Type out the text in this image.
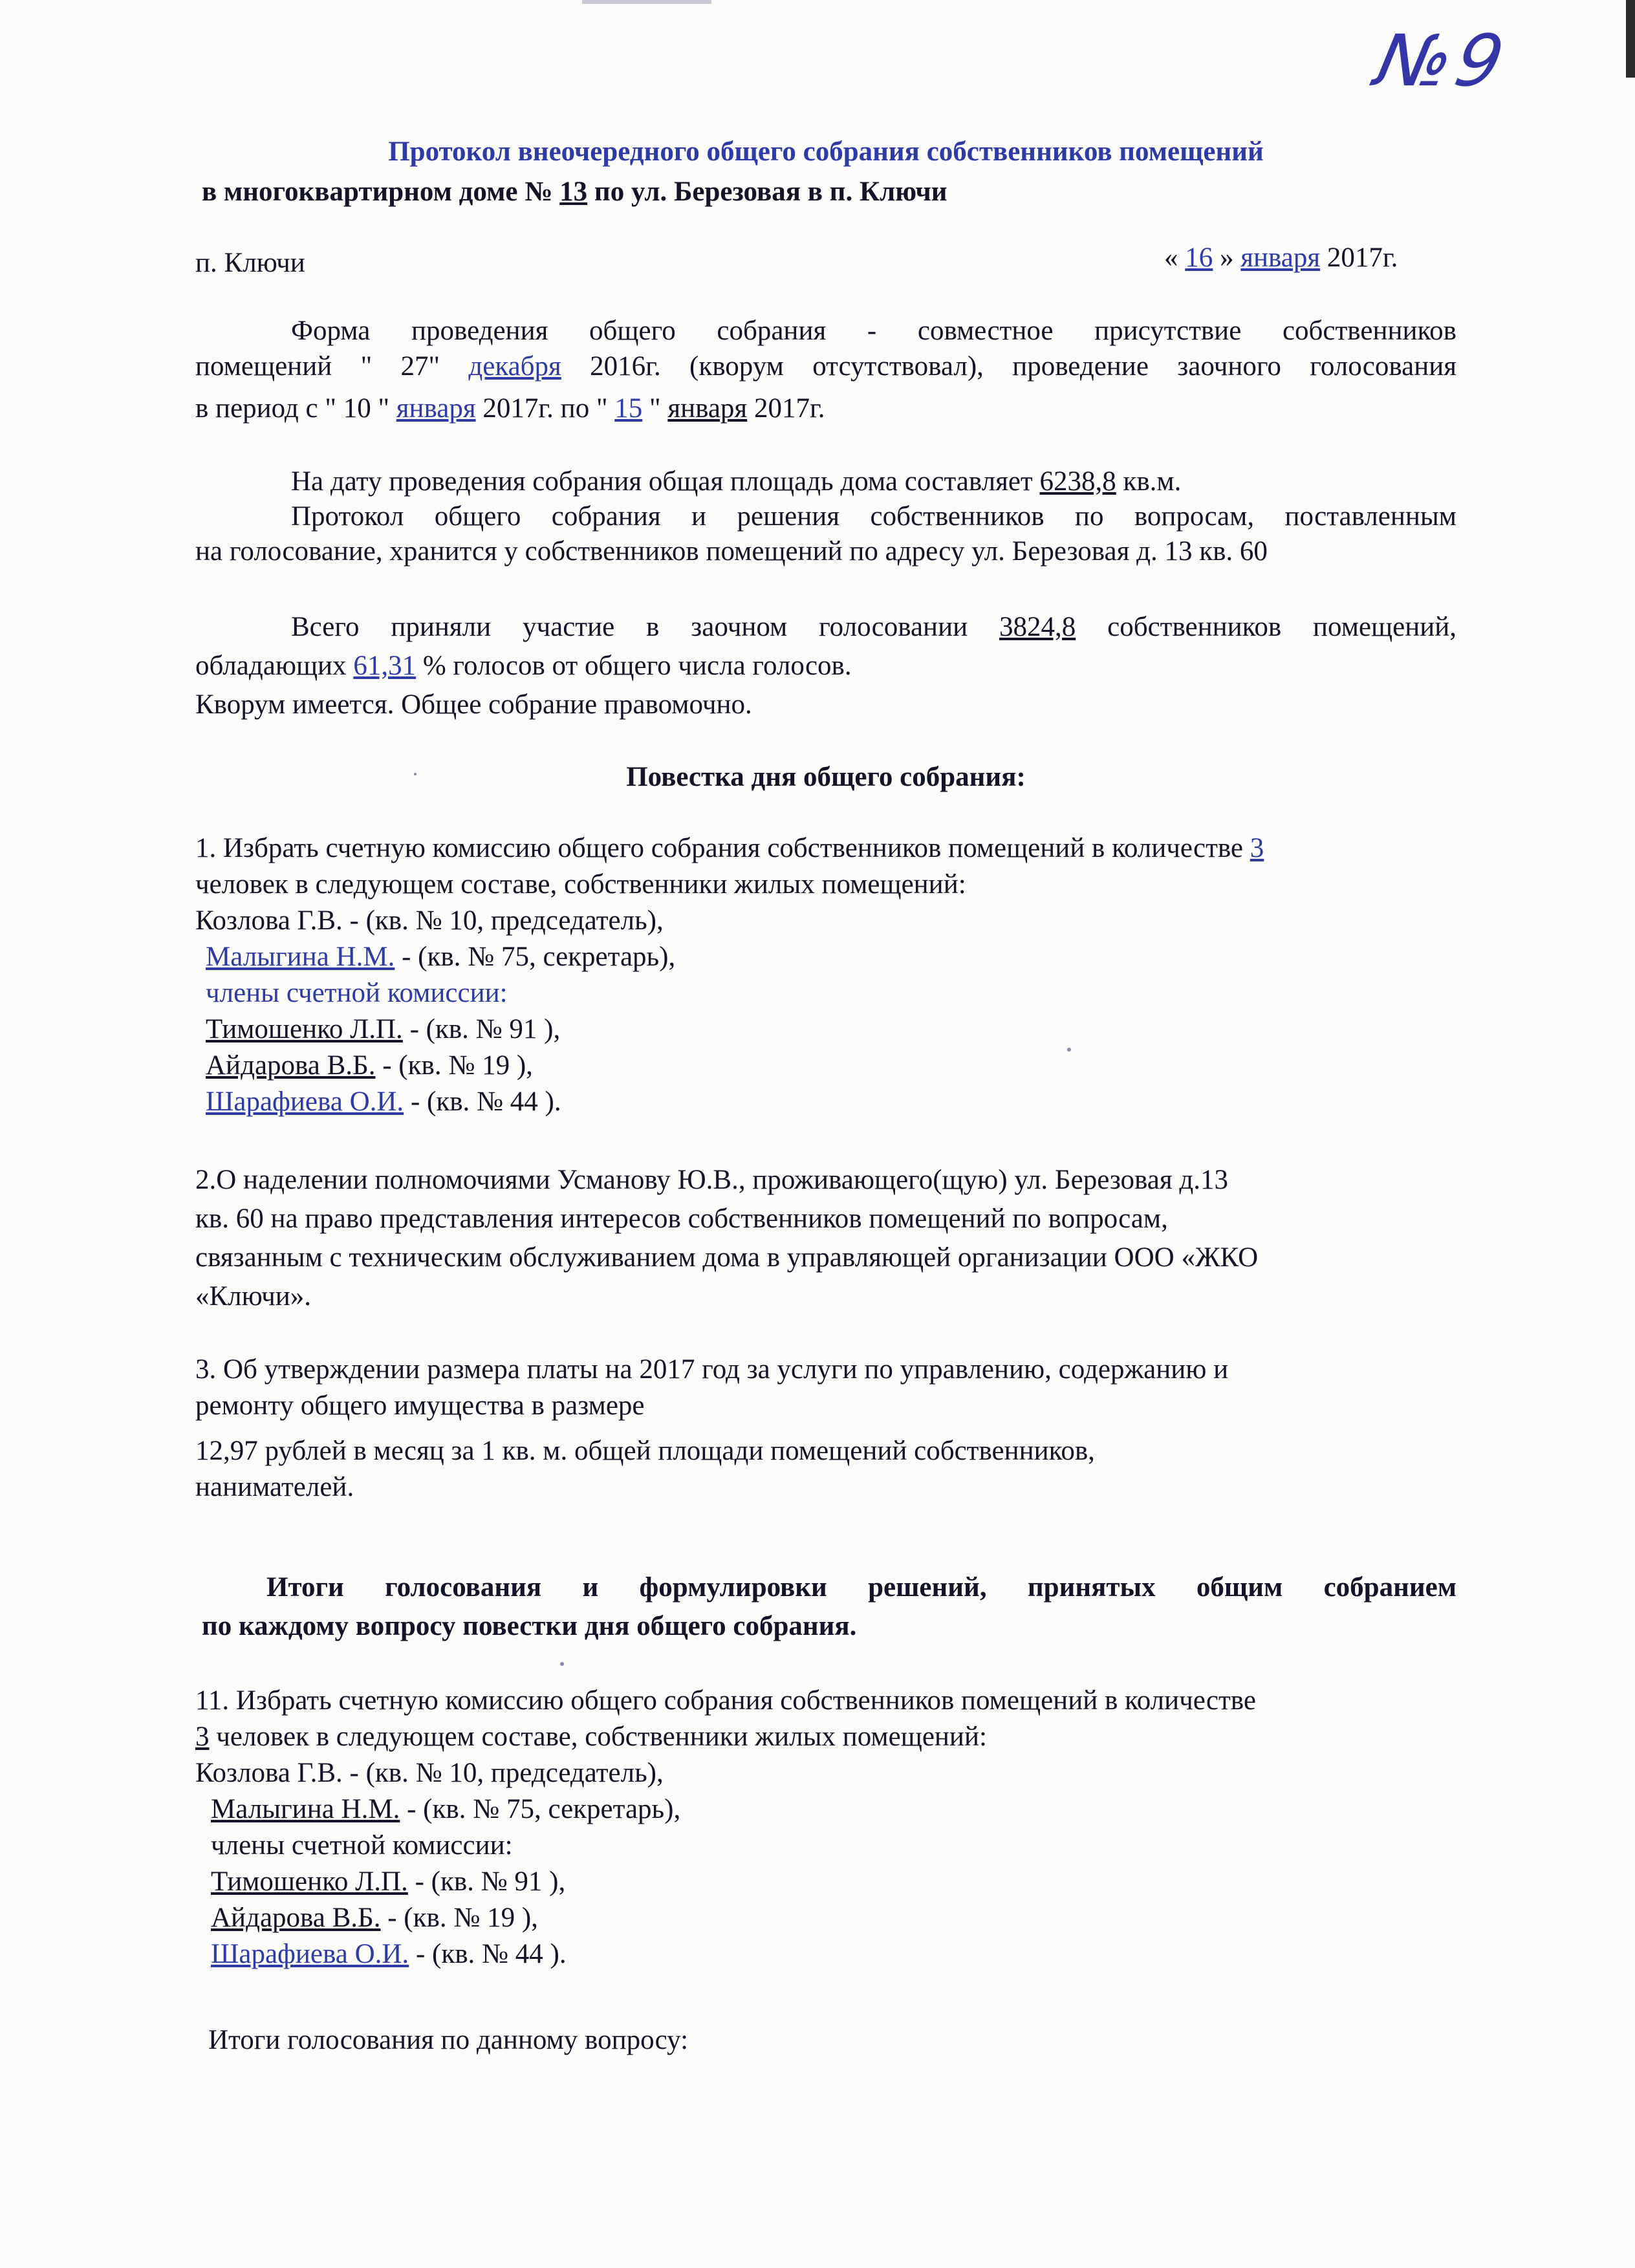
№9
Протокол внеочередного общего собрания собственников помещений
в многоквартирном доме № 13 по ул. Березовая в п. Ключи
п. Ключи	« 16 » января 2017г.
Форма проведения общего собрания - совместное присутствие собственников
помещений " 27" декабря 2016г. (кворум отсутствовал), проведение заочного голосования
в период с " 10 " января 2017г. по " 15 " января 2017г.
На дату проведения собрания общая площадь дома составляет 6238,8 кв.м.
Протокол общего собрания и решения собственников по вопросам, поставленным
на голосование, хранится у собственников помещений по адресу ул. Березовая д. 13 кв. 60
Всего приняли участие в заочном голосовании 3824,8 собственников помещений,
обладающих 61,31 % голосов от общего числа голосов.
Кворум имеется. Общее собрание правомочно.
Повестка дня общего собрания:
1. Избрать счетную комиссию общего собрания собственников помещений в количестве 3
человек в следующем составе, собственники жилых помещений:
Козлова Г.В. - (кв. № 10, председатель),
Малыгина Н.М. - (кв. № 75, секретарь),
члены счетной комиссии:
Тимошенко Л.П. - (кв. № 91 ),
Айдарова В.Б. - (кв. № 19 ),
Шарафиева О.И. - (кв. № 44 ).
2.О наделении полномочиями Усманову Ю.В., проживающего(щую) ул. Березовая д.13
кв. 60 на право представления интересов собственников помещений по вопросам,
связанным с техническим обслуживанием дома в управляющей организации ООО «ЖКО
«Ключи».
3. Об утверждении размера платы на 2017 год за услуги по управлению, содержанию и
ремонту общего имущества в размере
12,97 рублей в месяц за 1 кв. м. общей площади помещений собственников,
нанимателей.
Итоги голосования и формулировки решений, принятых общим собранием
по каждому вопросу повестки дня общего собрания.
11. Избрать счетную комиссию общего собрания собственников помещений в количестве
3 человек в следующем составе, собственники жилых помещений:
Козлова Г.В. - (кв. № 10, председатель),
Малыгина Н.М. - (кв. № 75, секретарь),
члены счетной комиссии:
Тимошенко Л.П. - (кв. № 91 ),
Айдарова В.Б. - (кв. № 19 ),
Шарафиева О.И. - (кв. № 44 ).
Итоги голосования по данному вопросу:
